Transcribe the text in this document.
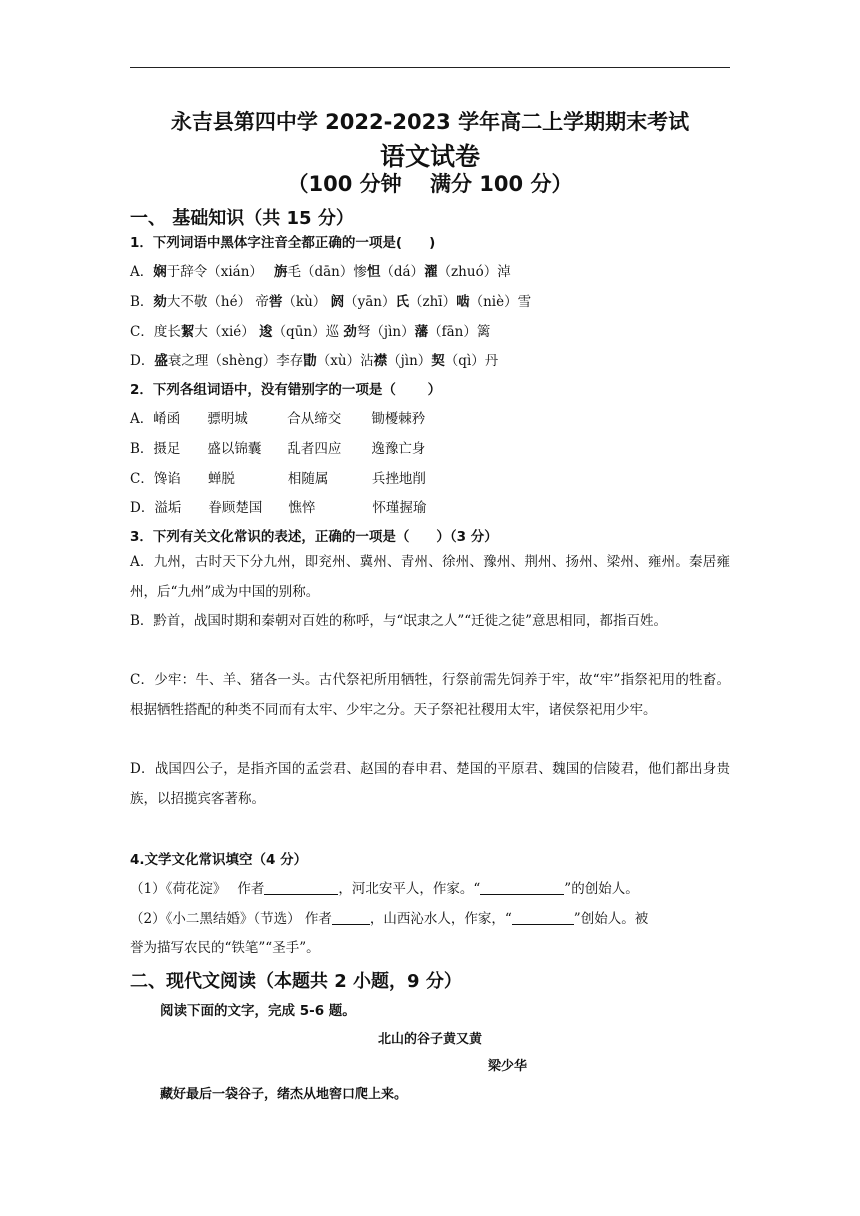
永吉县第四中学 2022-2023 学年高二上学期期末考试
语文试卷
（100 分钟　 满分 100 分）
一、 基础知识（共 15 分）
1．下列词语中黑体字注音全都正确的一项是(　　)
A．娴于辞令（xián）　 旃毛（dān）惨怛（dá）濯（zhuó）淖
B．劾大不敬（hé） 帝喾（kù） 阏（yān）氏（zhī）啮（niè）雪
C．度长絜大（xié） 逡（qūn）巡 劲弩（jìn）藩（fān）篱
D．盛衰之理（shèng）李存勖（xù）沾襟（jìn）契（qì）丹
2．下列各组词语中，没有错别字的一项是（　　 ）
A．崤函 骠明城	合从缔交 锄櫌棘矜
B．摄足 盛以锦囊 乱者四应 逸豫亡身
C．馋谄 蝉脱	相随属	兵挫地削
D．溢垢 眷顾楚国 憔悴	怀瑾握瑜
3．下列有关文化常识的表述，正确的一项是（　　）（3 分）
A．九州，古时天下分九州，即兖州、冀州、青州、徐州、豫州、荆州、扬州、梁州、雍州。秦居雍州，后“九州”成为中国的别称。
B．黔首，战国时期和秦朝对百姓的称呼，与“氓隶之人”“迁徙之徒”意思相同，都指百姓。
C．少牢：牛、羊、猪各一头。古代祭祀所用牺牲，行祭前需先饲养于牢，故“牢”指祭祀用的牲畜。根据牺牲搭配的种类不同而有太牢、少牢之分。天子祭祀社稷用太牢，诸侯祭祀用少牢。
D．战国四公子，是指齐国的孟尝君、赵国的春申君、楚国的平原君、魏国的信陵君，他们都出身贵族，以招揽宾客著称。
4.文学文化常识填空（4 分）
（1）《荷花淀》　 作者	，河北安平人，作家。“	”的创始人。
（2）《小二黑结婚》（节选） 作者	，山西沁水人，作家，“	”创始人。被
誉为描写农民的“铁笔”“圣手”。
二、现代文阅读（本题共 2 小题，9 分）
阅读下面的文字，完成 5-6 题。
北山的谷子黄又黄
梁少华
藏好最后一袋谷子，绪杰从地窖口爬上来。
